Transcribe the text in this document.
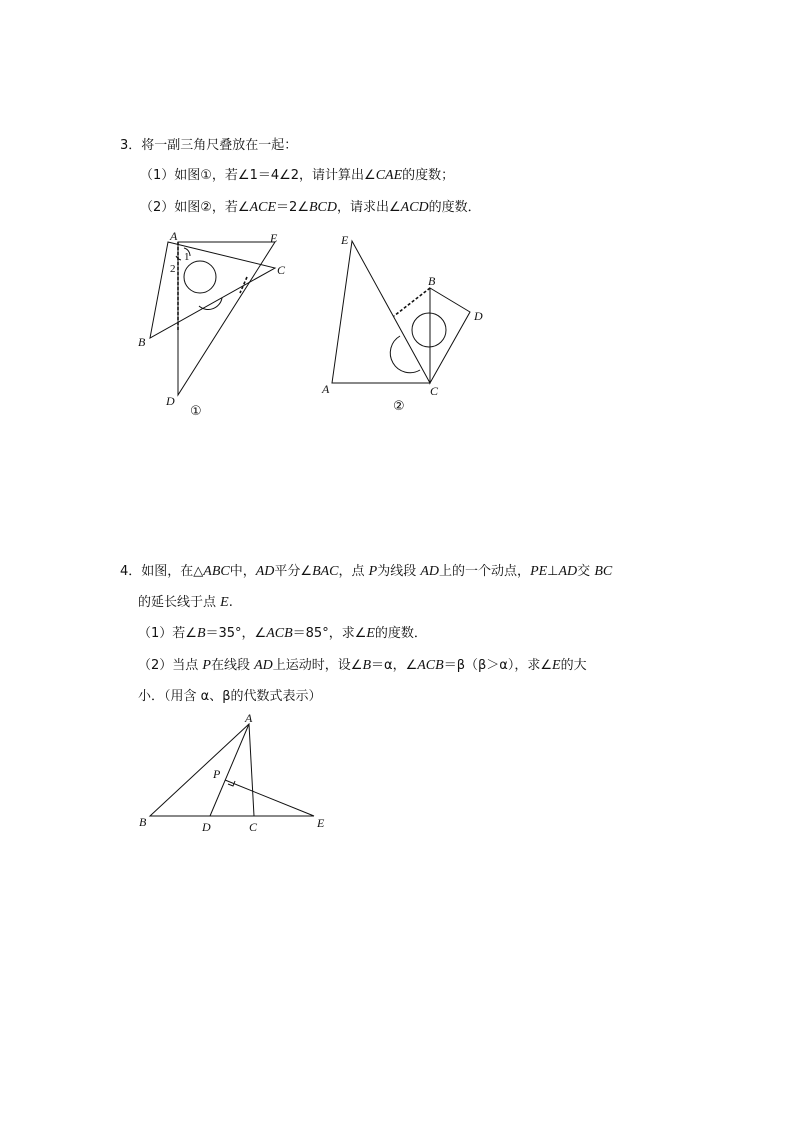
3．将一副三角尺叠放在一起：
（1）如图①，若∠1＝4∠2，请计算出∠CAE的度数；
（2）如图②，若∠ACE＝2∠BCD，请求出∠ACD的度数．
A	E
C
B
D
1
2
①
E
B
D
A	C
②
4．如图，在△ABC中，AD平分∠BAC，点 P为线段 AD上的一个动点，PE⊥AD交 BC
的延长线于点 E.
（1）若∠B＝35°，∠ACB＝85°，求∠E的度数．
（2）当点 P在线段 AD上运动时，设∠B＝α，∠ACB＝β（β＞α），求∠E的大
小．（用含 α、β的代数式表示）
A
P
B	D	C	E
